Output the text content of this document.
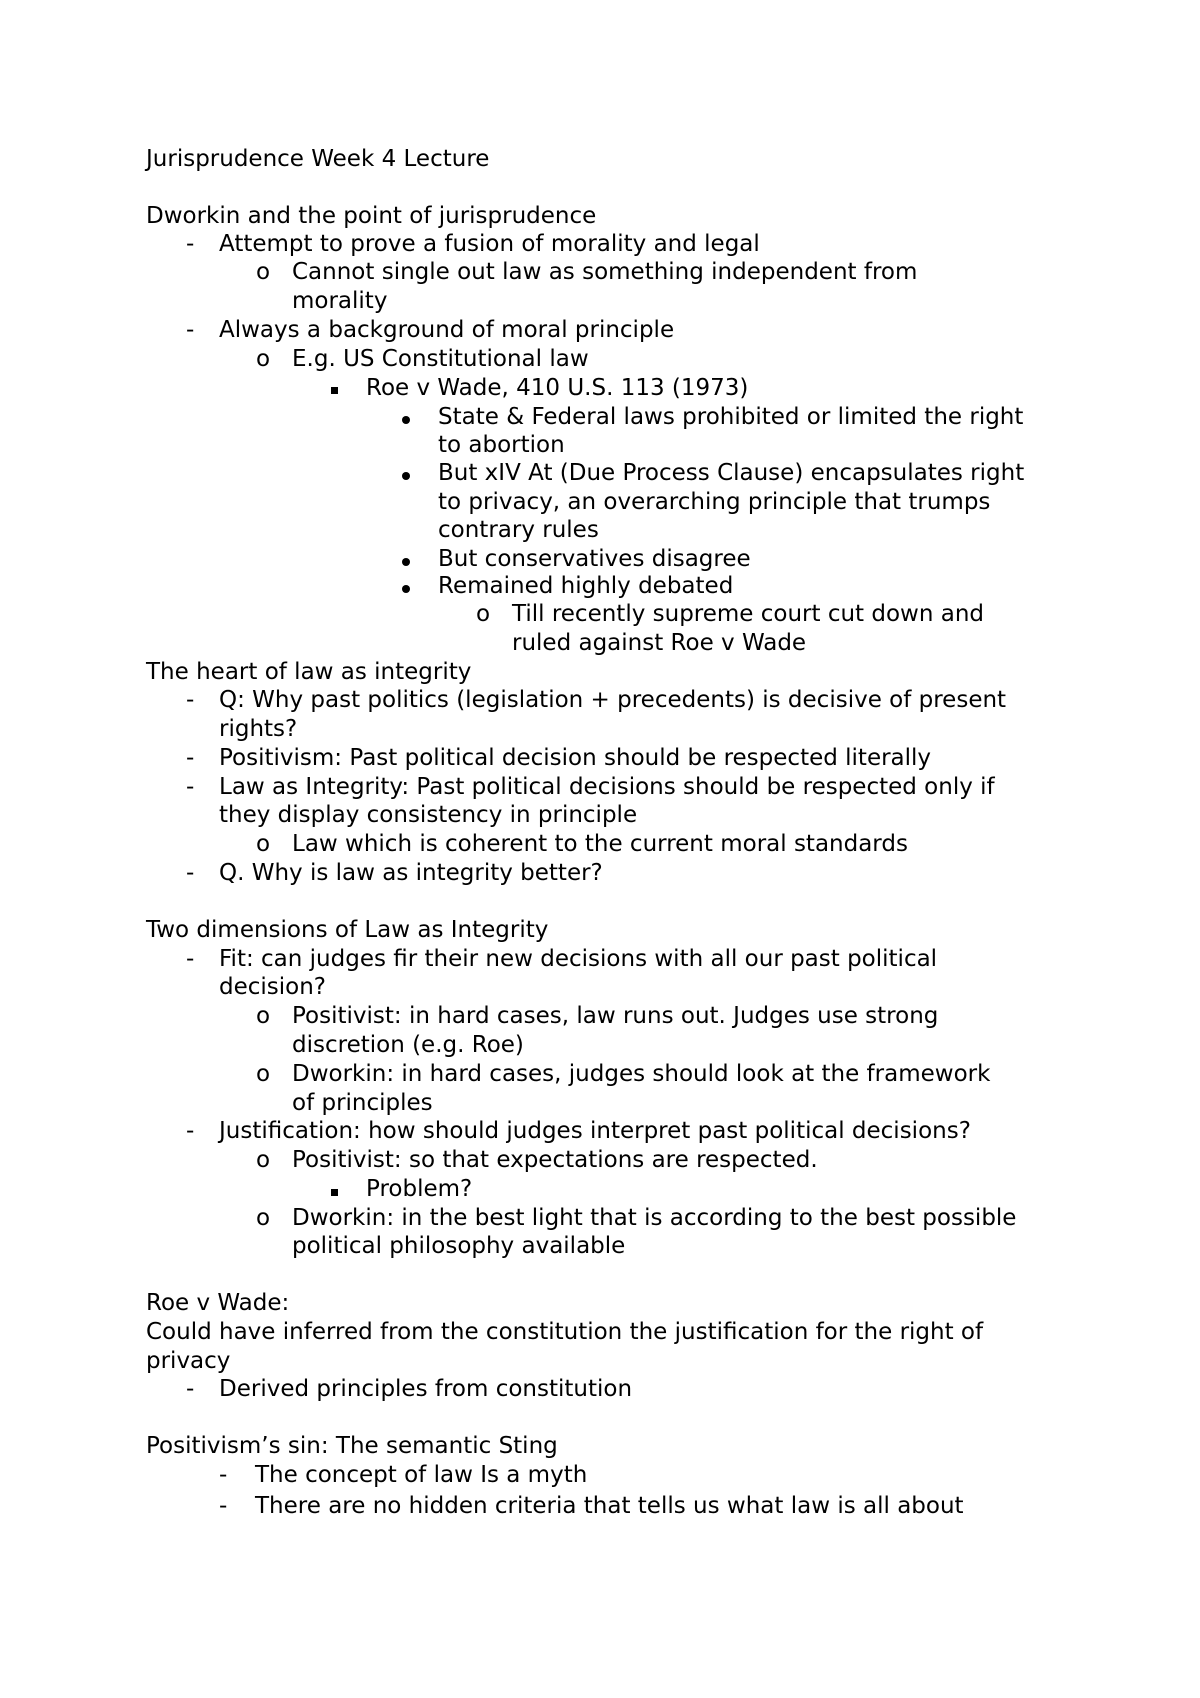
Jurisprudence Week 4 Lecture
Dworkin and the point of jurisprudence
- Attempt to prove a fusion of morality and legal
o Cannot single out law as something independent from
morality
- Always a background of moral principle
o E.g. US Constitutional law
Roe v Wade, 410 U.S. 113 (1973)
State & Federal laws prohibited or limited the right
to abortion
But xIV At (Due Process Clause) encapsulates right
to privacy, an overarching principle that trumps
contrary rules
But conservatives disagree
Remained highly debated
o Till recently supreme court cut down and
ruled against Roe v Wade
The heart of law as integrity
- Q: Why past politics (legislation + precedents) is decisive of present
rights?
- Positivism: Past political decision should be respected literally
- Law as Integrity: Past political decisions should be respected only if
they display consistency in principle
o Law which is coherent to the current moral standards
- Q. Why is law as integrity better?
Two dimensions of Law as Integrity
- Fit: can judges fir their new decisions with all our past political
decision?
o Positivist: in hard cases, law runs out. Judges use strong
discretion (e.g. Roe)
o Dworkin: in hard cases, judges should look at the framework
of principles
- Justification: how should judges interpret past political decisions?
o Positivist: so that expectations are respected.
Problem?
o Dworkin: in the best light that is according to the best possible
political philosophy available
Roe v Wade:
Could have inferred from the constitution the justification for the right of
privacy
- Derived principles from constitution
Positivism’s sin: The semantic Sting
- The concept of law Is a myth
- There are no hidden criteria that tells us what law is all about
